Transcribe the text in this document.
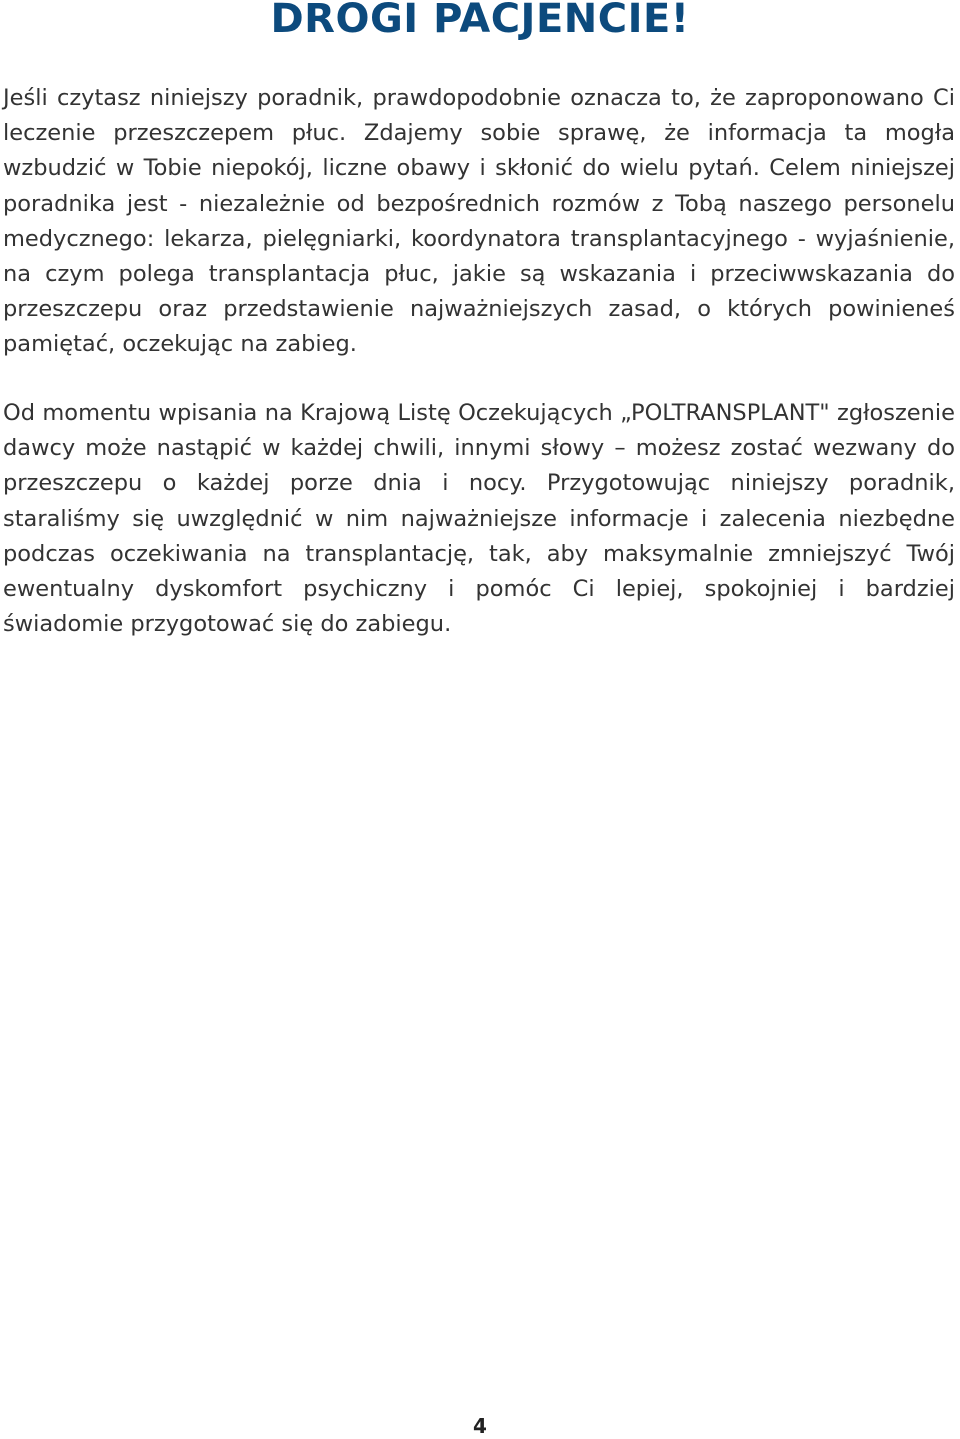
DROGI PACJENCIE!

Jeśli czytasz niniejszy poradnik, prawdopodobnie oznacza to, że zaproponowano Ci leczenie przeszczepem płuc. Zdajemy sobie sprawę, że informacja ta mogła wzbudzić w Tobie niepokój, liczne obawy i skłonić do wielu pytań. Celem niniejszej poradnika jest - niezależnie od bezpośrednich rozmów z Tobą naszego personelu medycznego: lekarza, pielęgniarki, koordynatora transplantacyjnego - wyjaśnienie, na czym polega transplantacja płuc, jakie są wskazania i przeciwwskazania do przeszczepu oraz przedstawienie najważniejszych zasad, o których powinieneś pamiętać, oczekując na zabieg.

Od momentu wpisania na Krajową Listę Oczekujących „POLTRANSPLANT" zgłoszenie dawcy może nastąpić w każdej chwili, innymi słowy – możesz zostać wezwany do przeszczepu o każdej porze dnia i nocy. Przygotowując niniejszy poradnik, staraliśmy się uwzględnić w nim najważniejsze informacje i zalecenia niezbędne podczas oczekiwania na transplantację, tak, aby maksymalnie zmniejszyć Twój ewentualny dyskomfort psychiczny i pomóc Ci lepiej, spokojniej i bardziej świadomie przygotować się do zabiegu.

4
